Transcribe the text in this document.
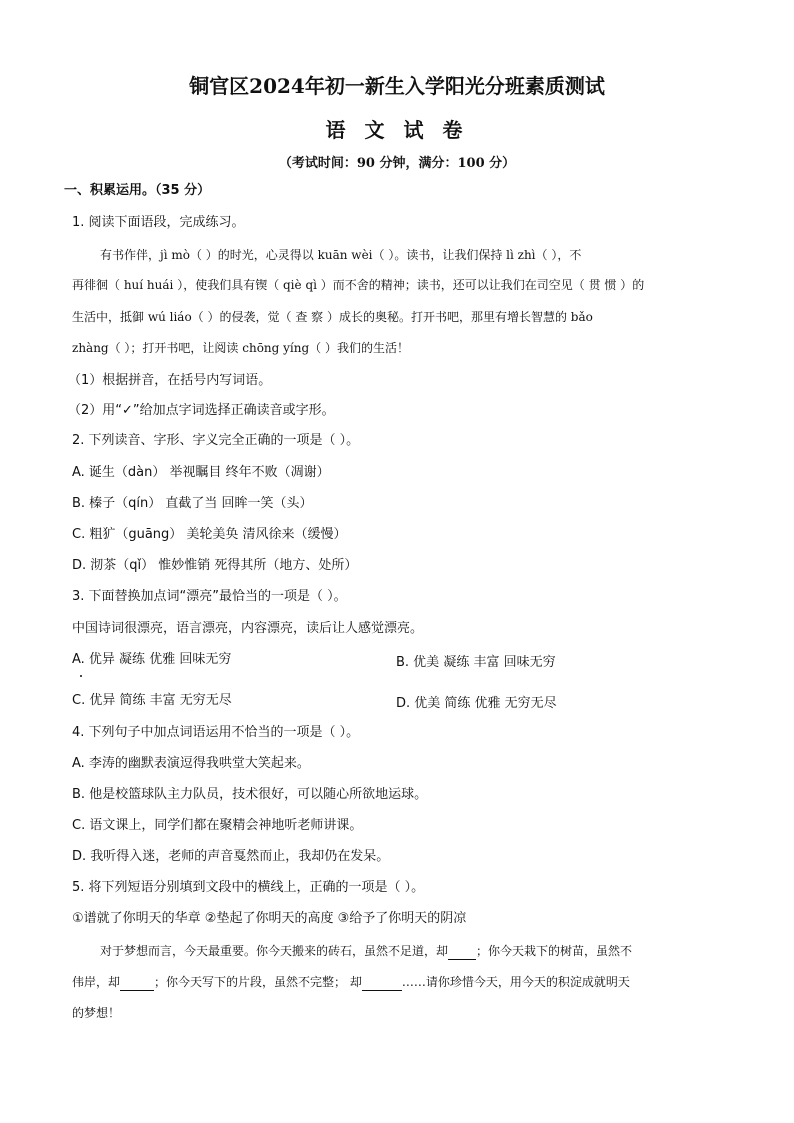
铜官区2024年初一新生入学阳光分班素质测试
语 文 试 卷
（考试时间：90 分钟，满分：100 分）
一、积累运用。（35 分）
1. 阅读下面语段，完成练习。
有书作伴，jì mò（ ）的时光，心灵得以 kuān wèi（ ）。读书，让我们保持 lì zhì（ ），不
再徘徊（ huí huái ），使我们具有锲（ qiè qì ）而不舍的精神；读书，还可以让我们在司空见（ 贯 惯 ）的
生活中，抵御 wú liáo（ ）的侵袭，觉（ 查 察 ）成长的奥秘。打开书吧，那里有增长智慧的 bǎo
zhàng（ ）；打开书吧，让阅读 chōng yíng（ ）我们的生活！
（1）根据拼音，在括号内写词语。
（2）用“✓”给加点字词选择正确读音或字形。
2. 下列读音、字形、字义完全正确的一项是（ ）。
A. 诞生（dàn） 举视瞩目 终年不败（凋谢）
B. 榛子（qín） 直截了当 回眸一笑（头）
C. 粗犷（guāng） 美轮美奂 清风徐来（缓慢）
D. 沏茶（qǐ） 惟妙惟销 死得其所（地方、处所）
3. 下面替换加点词“漂亮”最恰当的一项是（ ）。
中国诗词很漂亮，语言漂亮，内容漂亮，读后让人感觉漂亮。
A. 优异 凝练 优雅 回味无穷	B. 优美 凝练 丰富 回味无穷
C. 优异 简练 丰富 无穷无尽	D. 优美 简练 优雅 无穷无尽
4. 下列句子中加点词语运用不恰当的一项是（ ）。
A. 李涛的幽默表演逗得我哄堂大笑起来。
B. 他是校篮球队主力队员，技术很好，可以随心所欲地运球。
C. 语文课上，同学们都在聚精会神地听老师讲课。
D. 我听得入迷，老师的声音戛然而止，我却仍在发呆。
5. 将下列短语分别填到文段中的横线上，正确的一项是（ ）。
①谱就了你明天的华章 ②垫起了你明天的高度 ③给予了你明天的阴凉
对于梦想而言，今天最重要。你今天搬来的砖石，虽然不足道，却 ；你今天栽下的树苗，虽然不
伟岸，却	；你今天写下的片段，虽然不完整； 却	……请你珍惜今天，用今天的积淀成就明天
的梦想！
